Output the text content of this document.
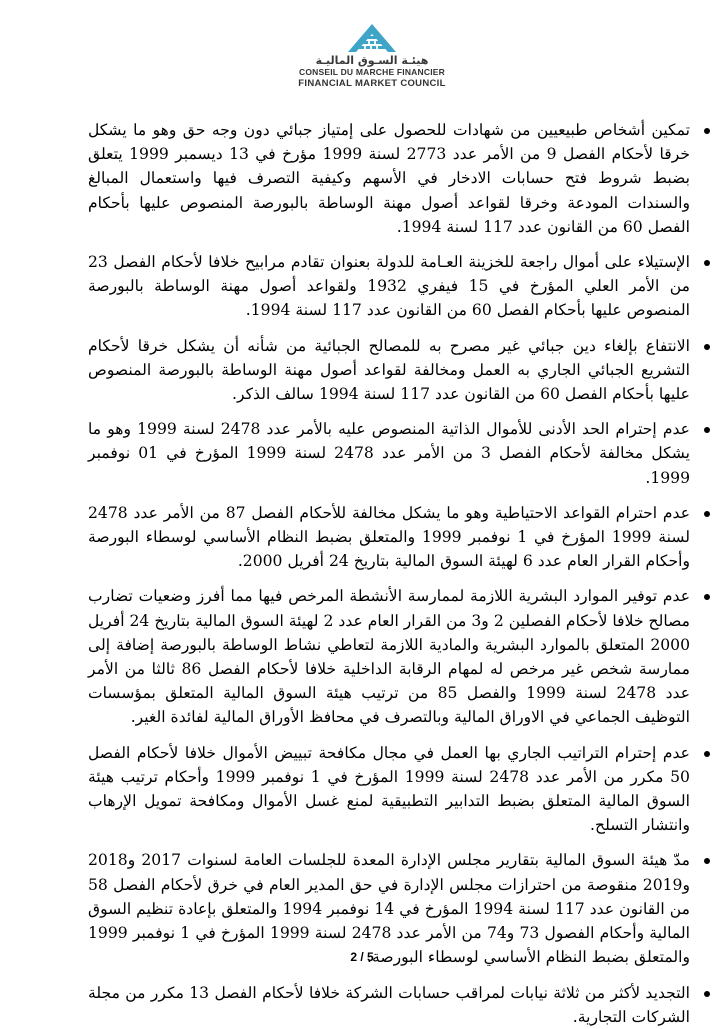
هيئـة السـوق الماليـة
CONSEIL DU MARCHE FINANCIER
FINANCIAL MARKET COUNCIL
تمكين أشخاص طبيعيين من شهادات للحصول على إمتياز جبائي دون وجه حق وهو ما يشكل خرقا لأحكام الفصل 9 من الأمر عدد 2773 لسنة 1999 مؤرخ في 13 ديسمبر 1999 يتعلق بضبط شروط فتح حسابات الادخار في الأسهم وكيفية التصرف فيها واستعمال المبالغ والسندات المودعة وخرقا لقواعد أصول مهنة الوساطة بالبورصة المنصوص عليها بأحكام الفصل 60 من القانون عدد 117 لسنة 1994.
الإستيلاء على أموال راجعة للخزينة العـامة للدولة بعنوان تقادم مرابيح خلافا لأحكام الفصل 23 من الأمر العلي المؤرخ في 15 فيفري 1932 ولقواعد أصول مهنة الوساطة بالبورصة المنصوص عليها بأحكام الفصل 60 من القانون عدد 117 لسنة 1994.
الانتفاع بإلغاء دين جبائي غير مصرح به للمصالح الجبائية من شأنه أن يشكل خرقا لأحكام التشريع الجبائي الجاري به العمل ومخالفة لقواعد أصول مهنة الوساطة بالبورصة المنصوص عليها بأحكام الفصل 60 من القانون عدد 117 لسنة 1994 سالف الذكر.
عدم إحترام الحد الأدنى للأموال الذاتية المنصوص عليه بالأمر عدد 2478 لسنة 1999 وهو ما يشكل مخالفة لأحكام الفصل 3 من الأمر عدد 2478 لسنة 1999 المؤرخ في 01 نوفمبر 1999.
عدم احترام القواعد الاحتياطية وهو ما يشكل مخالفة للأحكام الفصل 87 من الأمر عدد 2478 لسنة 1999 المؤرخ في 1 نوفمبر 1999 والمتعلق بضبط النظام الأساسي لوسطاء البورصة وأحكام القرار العام عدد 6 لهيئة السوق المالية بتاريخ 24 أفريل 2000.
عدم توفير الموارد البشرية اللازمة لممارسة الأنشطة المرخص فيها مما أفرز وضعيات تضارب مصالح خلافا لأحكام الفصلين 2 و3 من القرار العام عدد 2 لهيئة السوق المالية بتاريخ 24 أفريل 2000 المتعلق بالموارد البشرية والمادية اللازمة لتعاطي نشاط الوساطة بالبورصة إضافة إلى ممارسة شخص غير مرخص له لمهام الرقابة الداخلية خلافا لأحكام الفصل 86 ثالثا من الأمر عدد 2478 لسنة 1999 والفصل 85 من ترتيب هيئة السوق المالية المتعلق بمؤسسات التوظيف الجماعي في الاوراق المالية وبالتصرف في محافظ الأوراق المالية لفائدة الغير.
عدم إحترام التراتيب الجاري بها العمل في مجال مكافحة تبييض الأموال خلافا لأحكام الفصل 50 مكرر من الأمر عدد 2478 لسنة 1999 المؤرخ في 1 نوفمبر 1999 وأحكام ترتيب هيئة السوق المالية المتعلق بضبط التدابير التطبيقية لمنع غسل الأموال ومكافحة تمويل الإرهاب وانتشار التسلح.
مدّ هيئة السوق المالية بتقارير مجلس الإدارة المعدة للجلسات العامة لسنوات 2017 و2018 و2019 منقوصة من احترازات مجلس الإدارة في حق المدير العام في خرق لأحكام الفصل 58 من القانون عدد 117 لسنة 1994 المؤرخ في 14 نوفمبر 1994 والمتعلق بإعادة تنظيم السوق المالية وأحكام الفصول 73 و74 من الأمر عدد 2478 لسنة 1999 المؤرخ في 1 نوفمبر 1999 والمتعلق بضبط النظام الأساسي لوسطاء البورصة.
التجديد لأكثر من ثلاثة نيابات لمراقب حسابات الشركة خلافا لأحكام الفصل 13 مكرر من مجلة الشركات التجارية.
2 / 5
